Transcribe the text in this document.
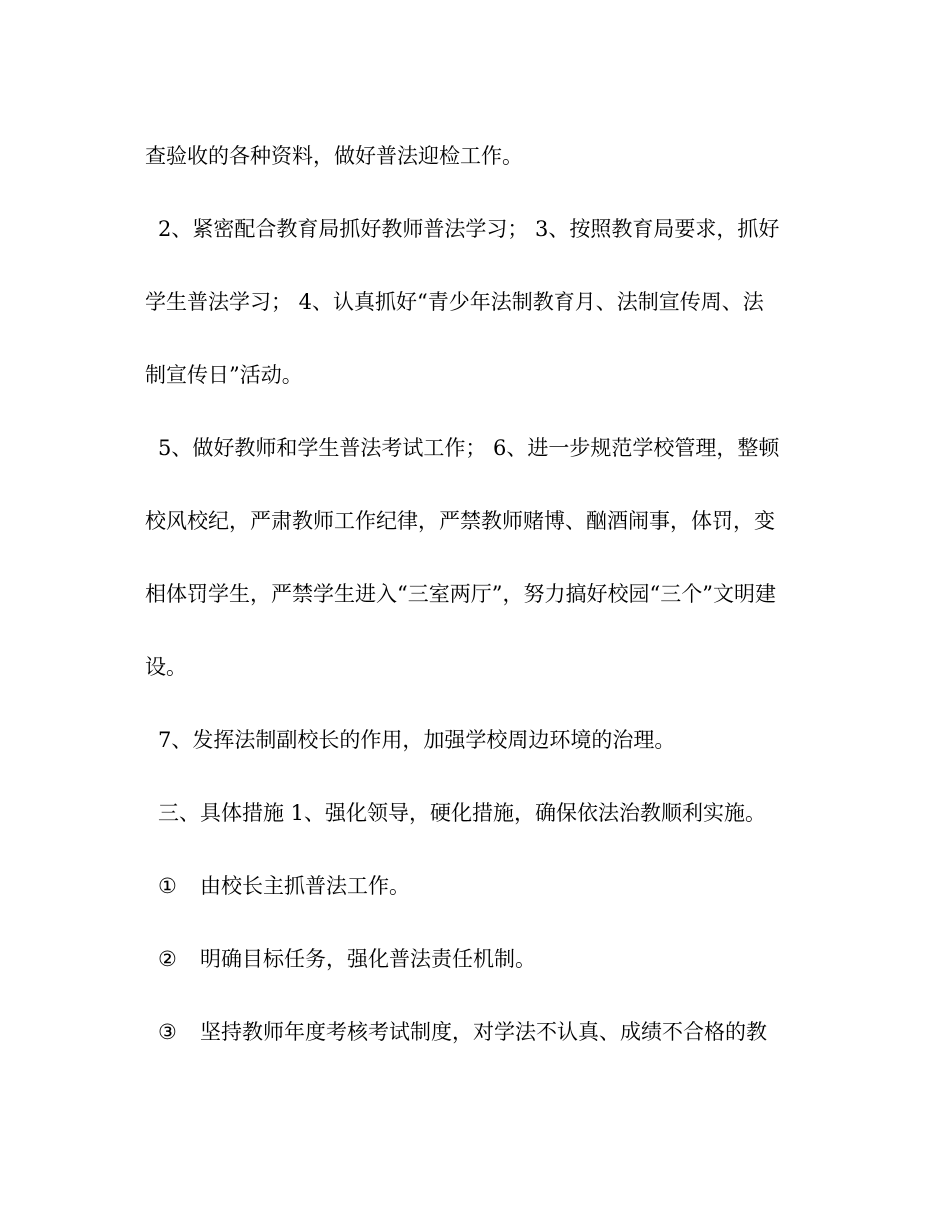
查验收的各种资料，做好普法迎检工作。
2、紧密配合教育局抓好教师普法学习； 3、按照教育局要求，抓好
学生普法学习； 4、认真抓好“青少年法制教育月、法制宣传周、法
制宣传日”活动。
5、做好教师和学生普法考试工作； 6、进一步规范学校管理，整顿
校风校纪，严肃教师工作纪律，严禁教师赌博、酗酒闹事，体罚，变
相体罚学生，严禁学生进入“三室两厅”，努力搞好校园“三个”文明建
设。
7、发挥法制副校长的作用，加强学校周边环境的治理。
三、具体措施 1、强化领导，硬化措施，确保依法治教顺利实施。
① 由校长主抓普法工作。
② 明确目标任务，强化普法责任机制。
③ 坚持教师年度考核考试制度，对学法不认真、成绩不合格的教
